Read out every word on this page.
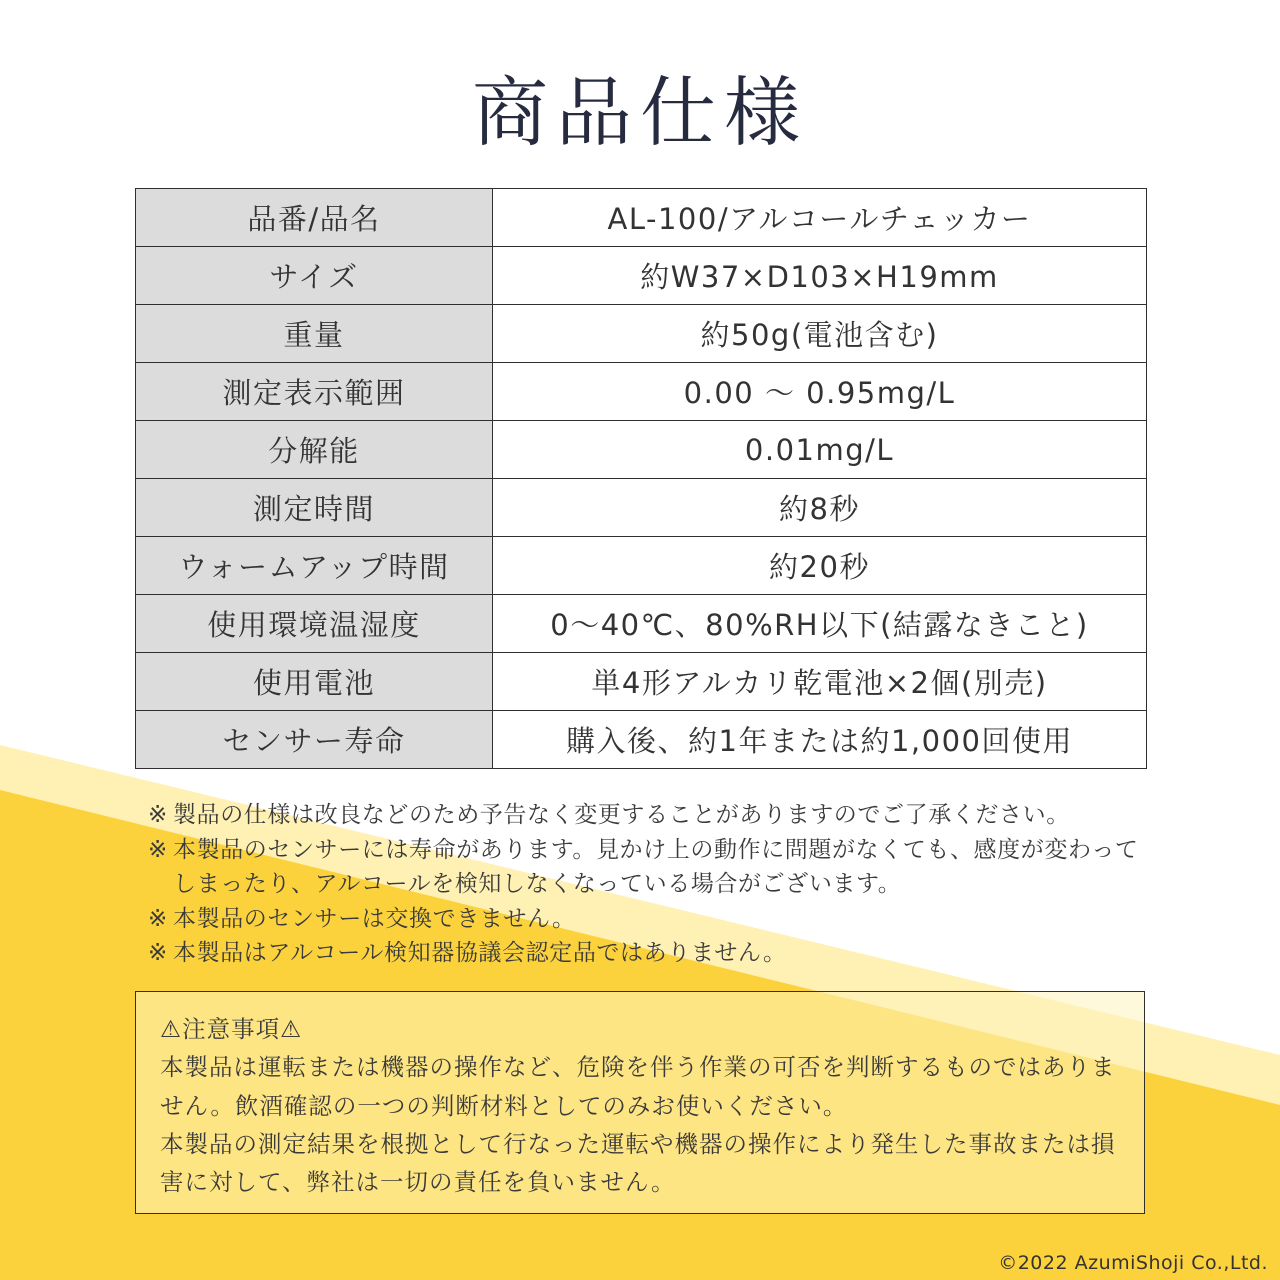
商品仕様
品番/品名	AL-100/アルコールチェッカー
サイズ	約W37×D103×H19mm
重量	約50g(電池含む)
測定表示範囲	0.00 ～ 0.95mg/L
分解能	0.01mg/L
測定時間	約8秒
ウォームアップ時間	約20秒
使用環境温湿度	0～40℃、80%RH以下(結露なきこと)
使用電池	単4形アルカリ乾電池×2個(別売)
センサー寿命	購入後、約1年または約1,000回使用
※ 製品の仕様は改良などのため予告なく変更することがありますのでご了承ください。
※ 本製品のセンサーには寿命があります。見かけ上の動作に問題がなくても、感度が変わってしまったり、アルコールを検知しなくなっている場合がございます。
※ 本製品のセンサーは交換できません。
※ 本製品はアルコール検知器協議会認定品ではありません。

⚠注意事項⚠

本製品は運転または機器の操作など、危険を伴う作業の可否を判断するものではありません。飲酒確認の一つの判断材料としてのみお使いください。

本製品の測定結果を根拠として行なった運転や機器の操作により発生した事故または損害に対して、弊社は一切の責任を負いません。

©2022 AzumiShoji Co.,Ltd.
